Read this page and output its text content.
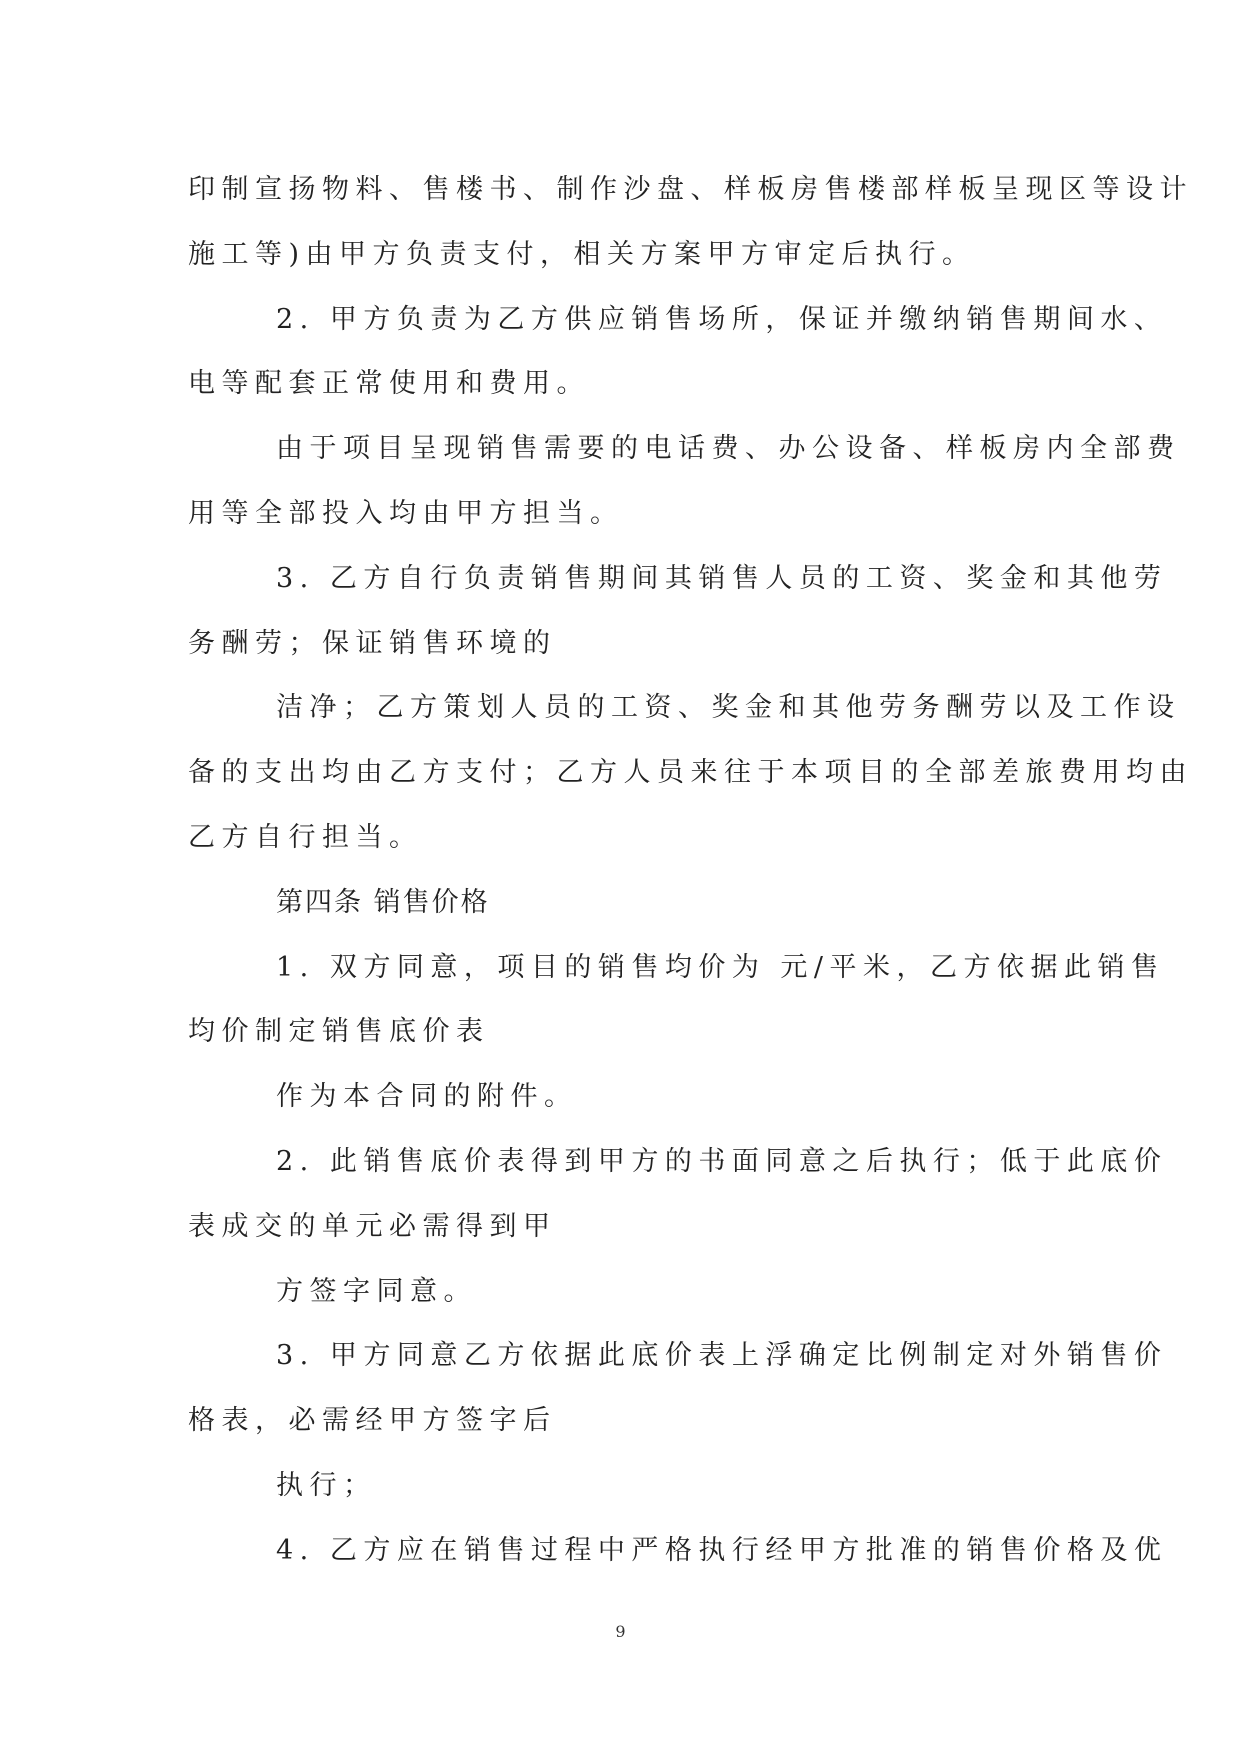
印制宣扬物料、售楼书、制作沙盘、样板房售楼部样板呈现区等设计
施工等)由甲方负责支付，相关方案甲方审定后执行。
2. 甲方负责为乙方供应销售场所，保证并缴纳销售期间水、
电等配套正常使用和费用。
由于项目呈现销售需要的电话费、办公设备、样板房内全部费
用等全部投入均由甲方担当。
3. 乙方自行负责销售期间其销售人员的工资、奖金和其他劳
务酬劳；保证销售环境的
洁净；乙方策划人员的工资、奖金和其他劳务酬劳以及工作设
备的支出均由乙方支付；乙方人员来往于本项目的全部差旅费用均由
乙方自行担当。
第四条 销售价格
1. 双方同意，项目的销售均价为 元/平米，乙方依据此销售
均价制定销售底价表
作为本合同的附件。
2. 此销售底价表得到甲方的书面同意之后执行；低于此底价
表成交的单元必需得到甲
方签字同意。
3. 甲方同意乙方依据此底价表上浮确定比例制定对外销售价
格表，必需经甲方签字后
执行；
4. 乙方应在销售过程中严格执行经甲方批准的销售价格及优
9
